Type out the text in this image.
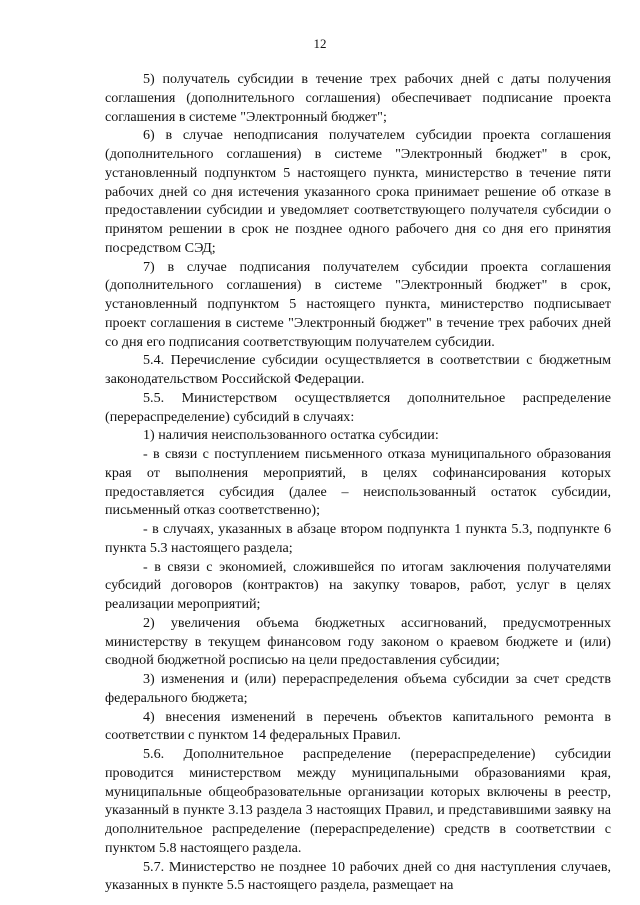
12

5) получатель субсидии в течение трех рабочих дней с даты получения соглашения (дополнительного соглашения) обеспечивает подписание проекта соглашения в системе "Электронный бюджет";

6) в случае неподписания получателем субсидии проекта соглашения (дополнительного соглашения) в системе "Электронный бюджет" в срок, установленный подпунктом 5 настоящего пункта, министерство в течение пяти рабочих дней со дня истечения указанного срока принимает решение об отказе в предоставлении субсидии и уведомляет соответствующего получателя субсидии о принятом решении в срок не позднее одного рабочего дня со дня его принятия посредством СЭД;

7) в случае подписания получателем субсидии проекта соглашения (дополнительного соглашения) в системе "Электронный бюджет" в срок, установленный подпунктом 5 настоящего пункта, министерство подписывает проект соглашения в системе "Электронный бюджет" в течение трех рабочих дней со дня его подписания соответствующим получателем субсидии.

5.4. Перечисление субсидии осуществляется в соответствии с бюджетным законодательством Российской Федерации.

5.5. Министерством осуществляется дополнительное распределение (перераспределение) субсидий в случаях:

1) наличия неиспользованного остатка субсидии:

- в связи с поступлением письменного отказа муниципального образования края от выполнения мероприятий, в целях софинансирования которых предоставляется субсидия (далее – неиспользованный остаток субсидии, письменный отказ соответственно);

- в случаях, указанных в абзаце втором подпункта 1 пункта 5.3, подпункте 6 пункта 5.3 настоящего раздела;

- в связи с экономией, сложившейся по итогам заключения получателями субсидий договоров (контрактов) на закупку товаров, работ, услуг в целях реализации мероприятий;

2) увеличения объема бюджетных ассигнований, предусмотренных министерству в текущем финансовом году законом о краевом бюджете и (или) сводной бюджетной росписью на цели предоставления субсидии;

3) изменения и (или) перераспределения объема субсидии за счет средств федерального бюджета;

4) внесения изменений в перечень объектов капитального ремонта в соответствии с пунктом 14 федеральных Правил.

5.6. Дополнительное распределение (перераспределение) субсидии проводится министерством между муниципальными образованиями края, муниципальные общеобразовательные организации которых включены в реестр, указанный в пункте 3.13 раздела 3 настоящих Правил, и представившими заявку на дополнительное распределение (перераспределение) средств в соответствии с пунктом 5.8 настоящего раздела.

5.7. Министерство не позднее 10 рабочих дней со дня наступления случаев, указанных в пункте 5.5 настоящего раздела, размещает на
